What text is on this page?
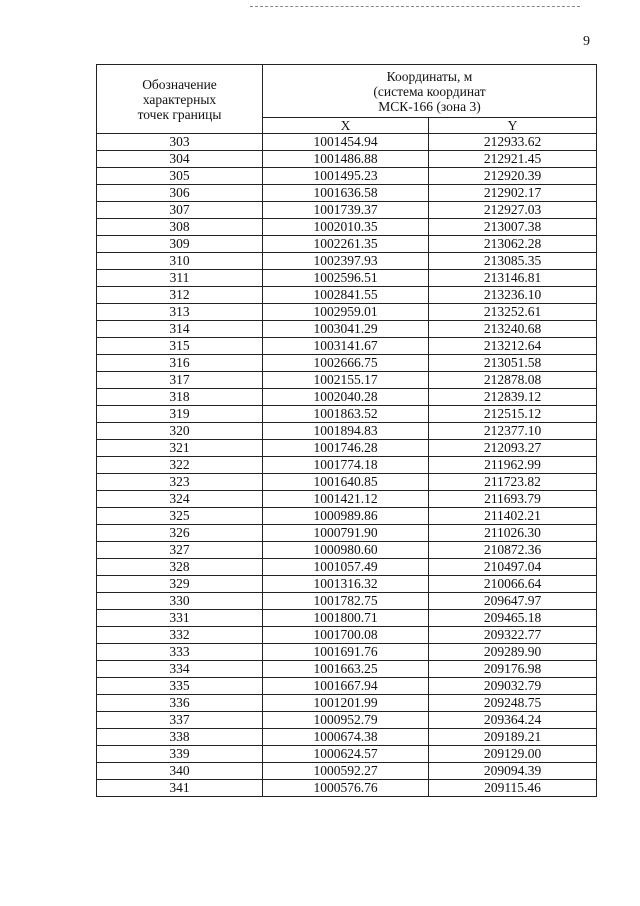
9
Обозначение
характерных
точек границы	Координаты, м
(система координат
МСК-166 (зона 3)	

	X	Y
303	1001454.94	212933.62
304	1001486.88	212921.45
305	1001495.23	212920.39
306	1001636.58	212902.17
307	1001739.37	212927.03
308	1002010.35	213007.38
309	1002261.35	213062.28
310	1002397.93	213085.35
311	1002596.51	213146.81
312	1002841.55	213236.10
313	1002959.01	213252.61
314	1003041.29	213240.68
315	1003141.67	213212.64
316	1002666.75	213051.58
317	1002155.17	212878.08
318	1002040.28	212839.12
319	1001863.52	212515.12
320	1001894.83	212377.10
321	1001746.28	212093.27
322	1001774.18	211962.99
323	1001640.85	211723.82
324	1001421.12	211693.79
325	1000989.86	211402.21
326	1000791.90	211026.30
327	1000980.60	210872.36
328	1001057.49	210497.04
329	1001316.32	210066.64
330	1001782.75	209647.97
331	1001800.71	209465.18
332	1001700.08	209322.77
333	1001691.76	209289.90
334	1001663.25	209176.98
335	1001667.94	209032.79
336	1001201.99	209248.75
337	1000952.79	209364.24
338	1000674.38	209189.21
339	1000624.57	209129.00
340	1000592.27	209094.39
341	1000576.76	209115.46
